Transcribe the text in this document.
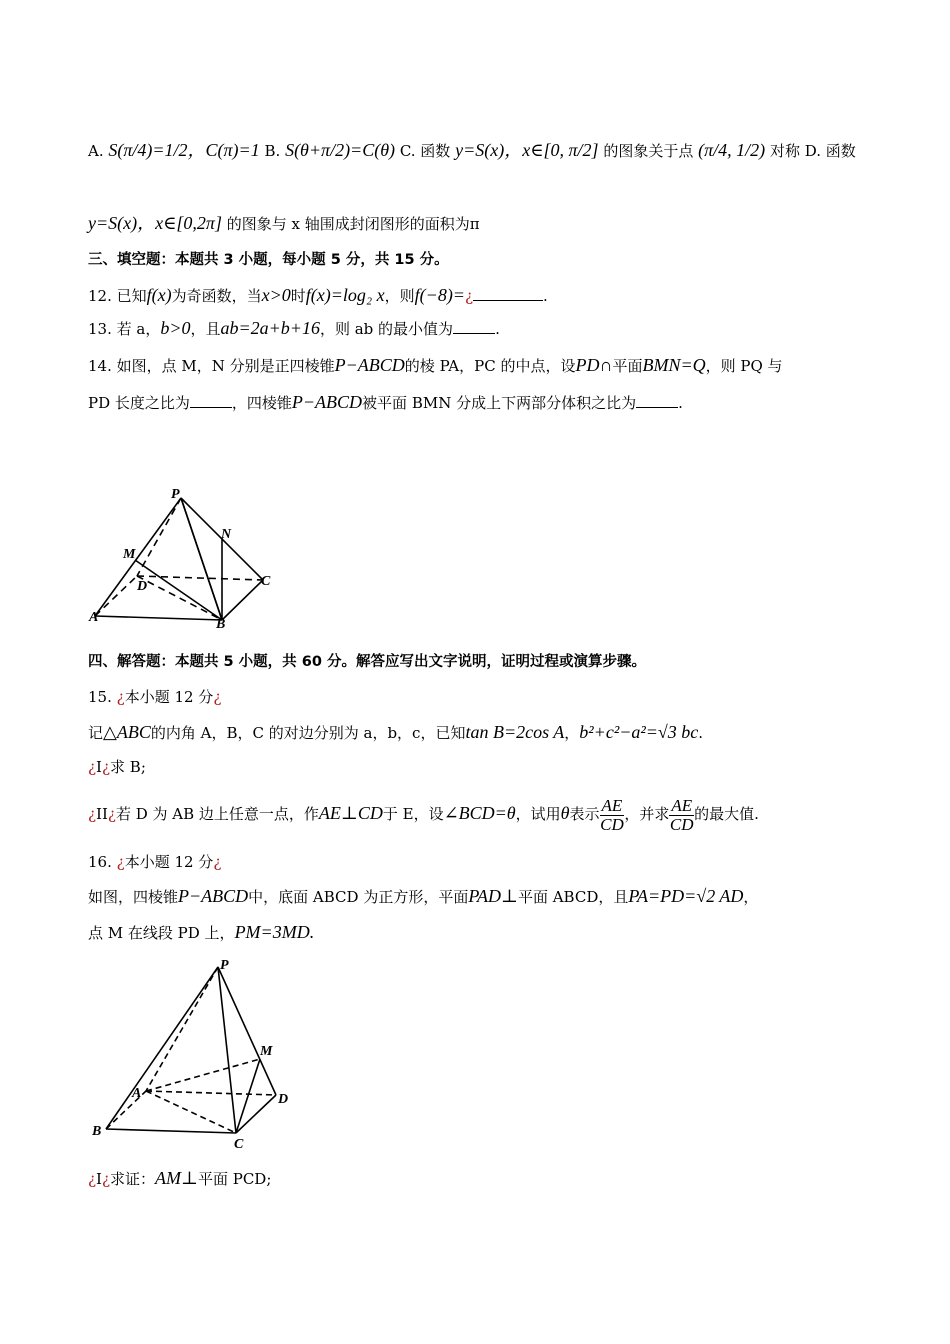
A. S(π/4)=1/2，C(π)=1 B. S(θ+π/2)=C(θ) C. 函数 y=S(x)，x∈[0, π/2] 的图象关于点 (π/4, 1/2) 对称 D. 函数
y=S(x)，x∈[0,2π] 的图象与 x 轴围成封闭图形的面积为π
三、填空题：本题共 3 小题，每小题 5 分，共 15 分。
12. 已知f(x)为奇函数，当x>0时f(x)=log₂ x，则f(−8)=¿	.
13. 若 a，b>0，且ab=2a+b+16，则 ab 的最小值为	.
14. 如图，点 M，N 分别是正四棱锥P−ABCD的棱 PA，PC 的中点，设PD∩平面BMN=Q，则 PQ 与
PD 长度之比为	，四棱锥P−ABCD被平面 BMN 分成上下两部分体积之比为	.
P
N
M
D	C
A	B
四、解答题：本题共 5 小题，共 60 分。解答应写出文字说明，证明过程或演算步骤。
15. ¿本小题 12 分¿
记△ABC的内角 A，B，C 的对边分别为 a，b，c，已知tan B=2cos A，b²+c²−a²=√3 bc.
¿I¿求 B;
¿II¿若 D 为 AB 边上任意一点，作AE⊥CD于 E，设∠BCD=θ，试用θ表示 $\frac{AE}{CD}$ ，并求 $\frac{AE}{CD}$ 的最大值.
16. ¿本小题 12 分¿
如图，四棱锥P−ABCD中，底面 ABCD 为正方形，平面PAD⊥平面 ABCD，且PA=PD=√2 AD，
点 M 在线段 PD 上，PM=3MD.
P
M
A	D
B
C
¿I¿求证：AM⊥平面 PCD;
